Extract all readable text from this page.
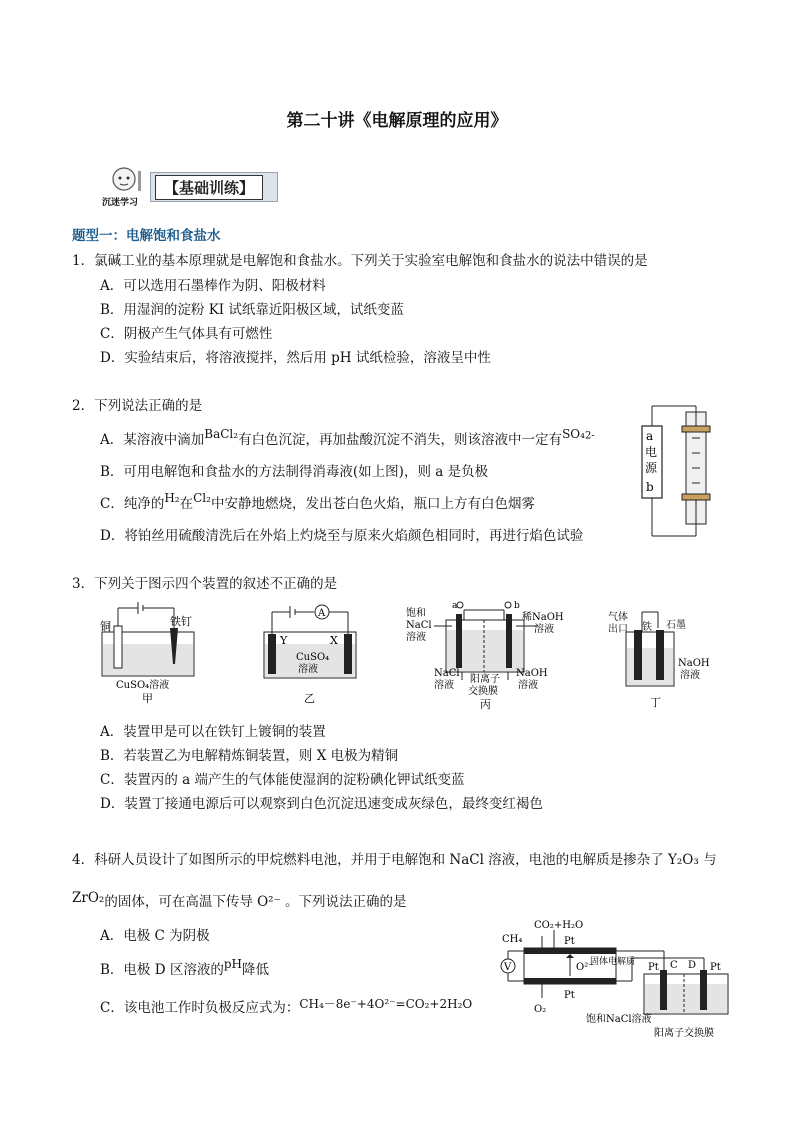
第二十讲《电解原理的应用》
沉迷学习
【基础训练】
题型一：电解饱和食盐水
1．氯碱工业的基本原理就是电解饱和食盐水。下列关于实验室电解饱和食盐水的说法中错误的是
A．可以选用石墨棒作为阴、阳极材料
B．用湿润的淀粉 KI 试纸靠近阳极区域，试纸变蓝
C．阴极产生气体具有可燃性
D．实验结束后，将溶液搅拌，然后用 pH 试纸检验，溶液呈中性
2．下列说法正确的是
A．某溶液中滴加BaCl₂有白色沉淀，再加盐酸沉淀不消失，则该溶液中一定有SO₄$^{2-}$
B．可用电解饱和食盐水的方法制得消毒液(如上图)，则 a 是负极
C．纯净的H₂在Cl₂中安静地燃烧，发出苍白色火焰，瓶口上方有白色烟雾
D．将铂丝用硫酸清洗后在外焰上灼烧至与原来火焰颜色相同时，再进行焰色试验
a
电
源
b
3．下列关于图示四个装置的叙述不正确的是
铜	铁钉
CuSO₄溶液
甲
A
Y	X
CuSO₄
溶液
乙
a	b
饱和
NaCl
溶液
稀NaOH
溶液
NaCl
溶液
阳离子
交换膜
NaOH
溶液
丙
气体
出口 铁 石墨
NaOH
溶液
丁
A．装置甲是可以在铁钉上镀铜的装置
B．若装置乙为电解精炼铜装置，则 X 电极为精铜
C．装置丙的 a 端产生的气体能使湿润的淀粉碘化钾试纸变蓝
D．装置丁接通电源后可以观察到白色沉淀迅速变成灰绿色，最终变红褐色
4．科研人员设计了如图所示的甲烷燃料电池，并用于电解饱和 NaCl 溶液，电池的电解质是掺杂了 Y₂O₃ 与
ZrO₂的固体，可在高温下传导 O²⁻ 。下列说法正确的是
A．电极 C 为阴极
B．电极 D 区溶液的pH降低
C．该电池工作时负极反应式为：CH₄－8e⁻+4O²⁻=CO₂+2H₂O
V
CH₄
CO₂+H₂O
Pt
Pt
O²⁻
固体电解质
O₂
饱和NaCl溶液
Pt C D Pt
阳离子交换膜
